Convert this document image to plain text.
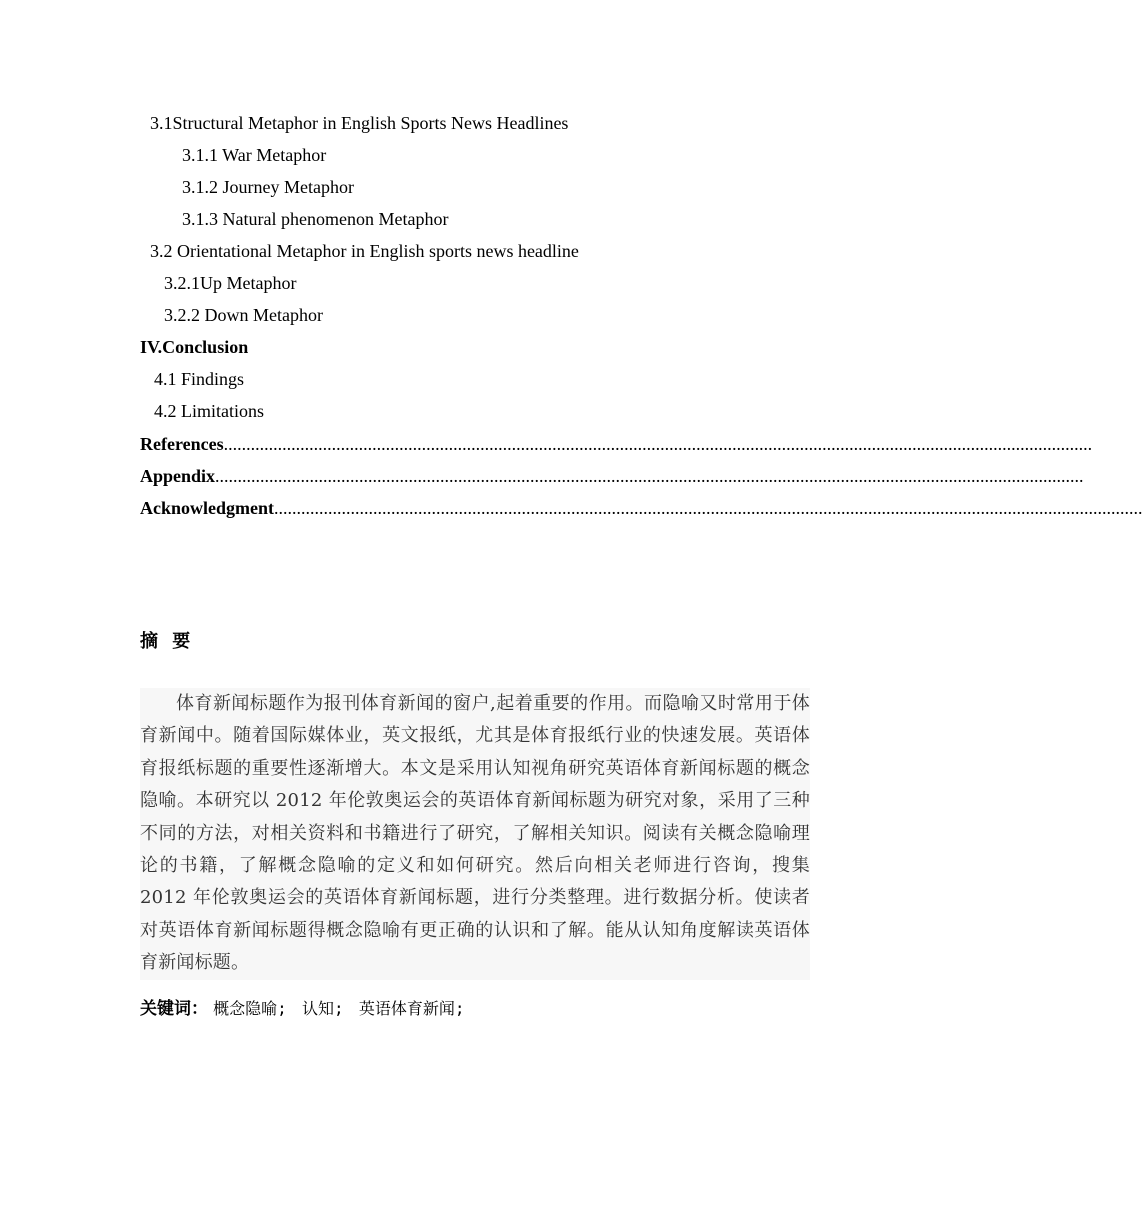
3.1Structural Metaphor in English Sports News Headlines
3.1.1 War Metaphor
3.1.2 Journey Metaphor
3.1.3 Natural phenomenon Metaphor
3.2 Orientational Metaphor in English sports news headline
3.2.1Up Metaphor
3.2.2 Down Metaphor
IV.Conclusion
4.1 Findings
4.2 Limitations
References .................................................................................................................................................................................................
Appendix .................................................................................................................................................................................................
Acknowledgment .................................................................................................................................................................................................
摘 要
体育新闻标题作为报刊体育新闻的窗户,起着重要的作用。而隐喻又时常用于体育新闻中。随着国际媒体业，英文报纸，尤其是体育报纸行业的快速发展。英语体育报纸标题的重要性逐渐增大。本文是采用认知视角研究英语体育新闻标题的概念隐喻。本研究以 2012 年伦敦奥运会的英语体育新闻标题为研究对象，采用了三种不同的方法，对相关资料和书籍进行了研究，了解相关知识。阅读有关概念隐喻理论的书籍，了解概念隐喻的定义和如何研究。然后向相关老师进行咨询，搜集 2012 年伦敦奥运会的英语体育新闻标题，进行分类整理。进行数据分析。使读者对英语体育新闻标题得概念隐喻有更正确的认识和了解。能从认知角度解读英语体育新闻标题。
关键词： 概念隐喻; 认知; 英语体育新闻;
